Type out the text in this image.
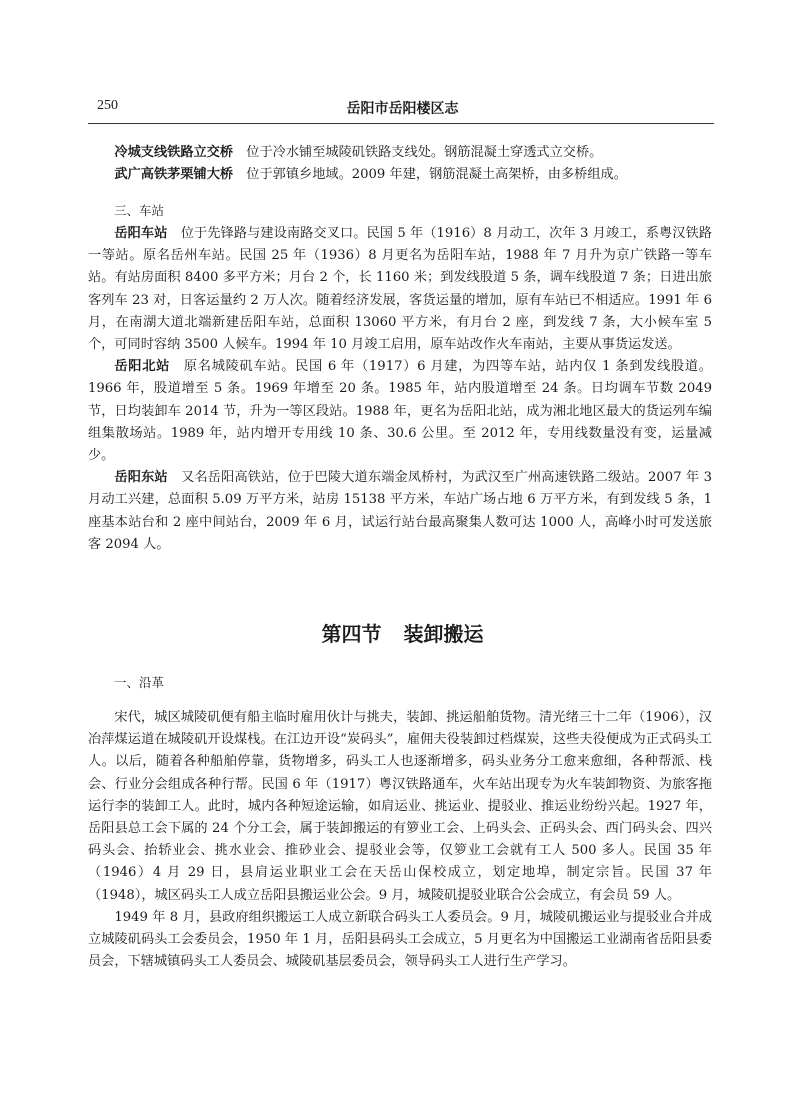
250	岳阳市岳阳楼区志

冷城支线铁路立交桥 位于冷水铺至城陵矶铁路支线处。钢筋混凝土穿透式立交桥。

武广高铁茅栗铺大桥 位于郭镇乡地域。2009 年建，钢筋混凝土高架桥，由多桥组成。

三、车站

岳阳车站 位于先锋路与建设南路交叉口。民国 5 年（1916）8 月动工，次年 3 月竣工，系粤汉铁路一等站。原名岳州车站。民国 25 年（1936）8 月更名为岳阳车站，1988 年 7 月升为京广铁路一等车站。有站房面积 8400 多平方米；月台 2 个，长 1160 米；到发线股道 5 条，调车线股道 7 条；日进出旅客列车 23 对，日客运量约 2 万人次。随着经济发展，客货运量的增加，原有车站已不相适应。1991 年 6 月，在南湖大道北端新建岳阳车站，总面积 13060 平方米，有月台 2 座，到发线 7 条，大小候车室 5 个，可同时容纳 3500 人候车。1994 年 10 月竣工启用，原车站改作火车南站，主要从事货运发送。

岳阳北站 原名城陵矶车站。民国 6 年（1917）6 月建，为四等车站，站内仅 1 条到发线股道。1966 年，股道增至 5 条。1969 年增至 20 条。1985 年，站内股道增至 24 条。日均调车节数 2049 节，日均装卸车 2014 节，升为一等区段站。1988 年，更名为岳阳北站，成为湘北地区最大的货运列车编组集散场站。1989 年，站内增开专用线 10 条、30.6 公里。至 2012 年，专用线数量没有变，运量减少。

岳阳东站 又名岳阳高铁站，位于巴陵大道东端金凤桥村，为武汉至广州高速铁路二级站。2007 年 3 月动工兴建，总面积 5.09 万平方米，站房 15138 平方米，车站广场占地 6 万平方米，有到发线 5 条，1 座基本站台和 2 座中间站台，2009 年 6 月，试运行站台最高聚集人数可达 1000 人，高峰小时可发送旅客 2094 人。

第四节 装卸搬运
一、沿革

宋代，城区城陵矶便有船主临时雇用伙计与挑夫，装卸、挑运船舶货物。清光绪三十二年（1906），汉冶萍煤运道在城陵矶开设煤栈。在江边开设“炭码头”，雇佣夫役装卸过档煤炭，这些夫役便成为正式码头工人。以后，随着各种船舶停靠，货物增多，码头工人也逐渐增多，码头业务分工愈来愈细，各种帮派、栈会、行业分会组成各种行帮。民国 6 年（1917）粤汉铁路通车，火车站出现专为火车装卸物资、为旅客拖运行李的装卸工人。此时，城内各种短途运输，如肩运业、挑运业、提驳业、推运业纷纷兴起。1927 年，岳阳县总工会下属的 24 个分工会，属于装卸搬运的有箩业工会、上码头会、正码头会、西门码头会、四兴码头会、抬轿业会、挑水业会、推砂业会、提驳业会等，仅箩业工会就有工人 500 多人。民国 35 年（1946）4 月 29 日，县肩运业职业工会在天岳山保校成立，划定地埠，制定宗旨。民国 37 年（1948），城区码头工人成立岳阳县搬运业公会。9 月，城陵矶提驳业联合公会成立，有会员 59 人。

1949 年 8 月，县政府组织搬运工人成立新联合码头工人委员会。9 月，城陵矶搬运业与提驳业合并成立城陵矶码头工会委员会，1950 年 1 月，岳阳县码头工会成立，5 月更名为中国搬运工业湖南省岳阳县委员会，下辖城镇码头工人委员会、城陵矶基层委员会，领导码头工人进行生产学习。
